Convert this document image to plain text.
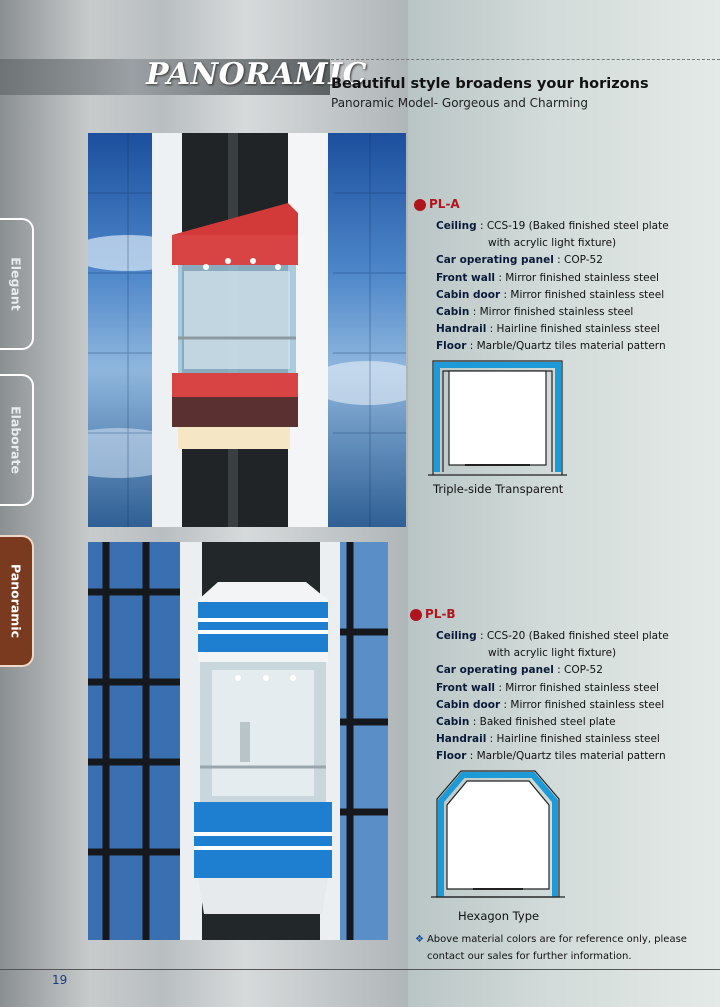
PANORAMIC
Beautiful style broadens your horizons
Panoramic Model- Gorgeous and Charming
Elegant
Elaborate
Panoramic
PL-A
Ceiling : CCS-19 (Baked finished steel plate
with acrylic light fixture)
Car operating panel : COP-52
Front wall : Mirror finished stainless steel
Cabin door : Mirror finished stainless steel
Cabin : Mirror finished stainless steel
Handrail : Hairline finished stainless steel
Floor : Marble/Quartz tiles material pattern
Triple-side Transparent
PL-B
Ceiling : CCS-20 (Baked finished steel plate
with acrylic light fixture)
Car operating panel : COP-52
Front wall : Mirror finished stainless steel
Cabin door : Mirror finished stainless steel
Cabin : Baked finished steel plate
Handrail : Hairline finished stainless steel
Floor : Marble/Quartz tiles material pattern
Hexagon Type
❖ Above material colors are for reference only, please
contact our sales for further information.
19
